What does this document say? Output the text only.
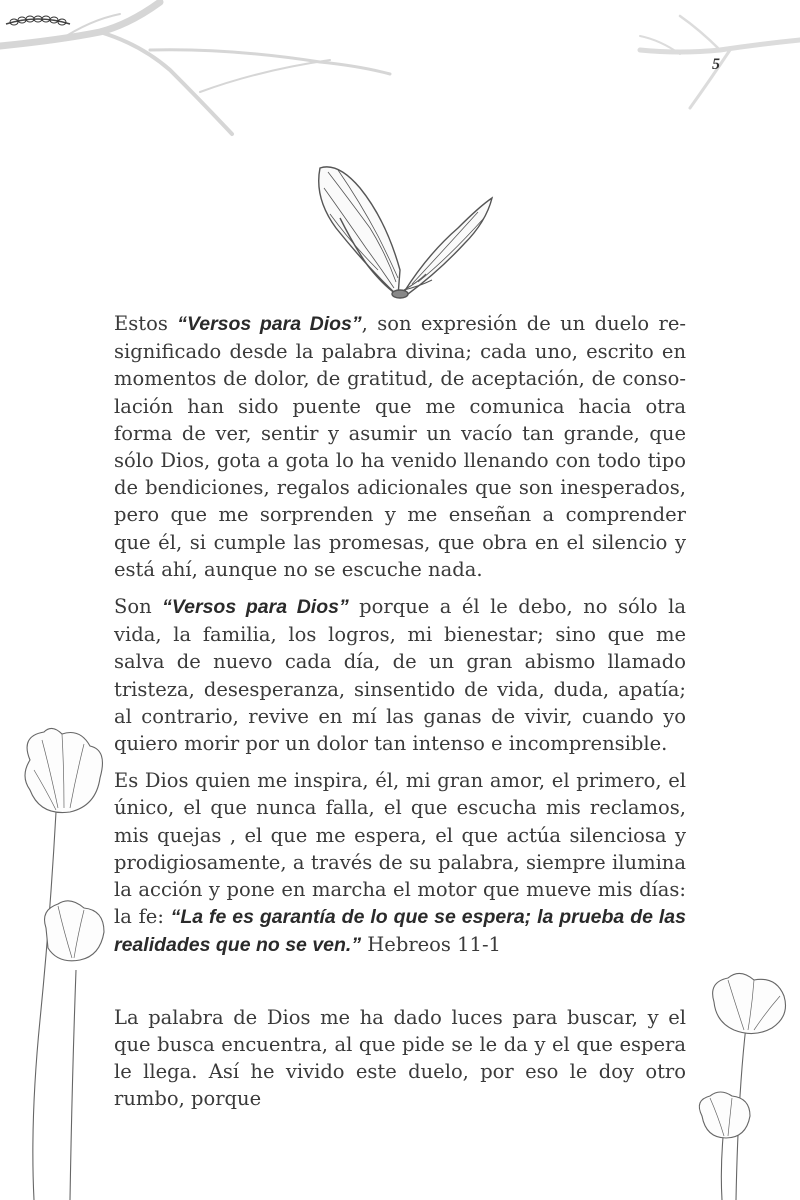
5

Estos “Versos para Dios”, son expresión de un duelo resignificado desde la palabra divina; cada uno, escrito en momentos de dolor, de gratitud, de aceptación, de consolación han sido puente que me comunica hacia otra forma de ver, sentir y asumir un vacío tan grande, que sólo Dios, gota a gota lo ha venido llenando con todo tipo de bendiciones, regalos adicionales que son inesperados, pero que me sorprenden y me enseñan a comprender que él, si cumple las promesas, que obra en el silencio y está ahí, aunque no se escuche nada.

Son “Versos para Dios” porque a él le debo, no sólo la vida, la familia, los logros, mi bienestar; sino que me salva de nuevo cada día, de un gran abismo llamado tristeza, desesperanza, sinsentido de vida, duda, apatía; al contrario, revive en mí las ganas de vivir, cuando yo quiero morir por un dolor tan intenso e incomprensible.

Es Dios quien me inspira, él, mi gran amor, el primero, el único, el que nunca falla, el que escucha mis reclamos, mis quejas , el que me espera, el que actúa silenciosa y prodigiosamente, a través de su palabra, siempre ilumina la acción y pone en marcha el motor que mueve mis días: la fe: “La fe es garantía de lo que se espera; la prueba de las realidades que no se ven.” Hebreos 11-1

La palabra de Dios me ha dado luces para buscar, y el que busca encuentra, al que pide se le da y el que espera le llega. Así he vivido este duelo, por eso le doy otro rumbo, porque
